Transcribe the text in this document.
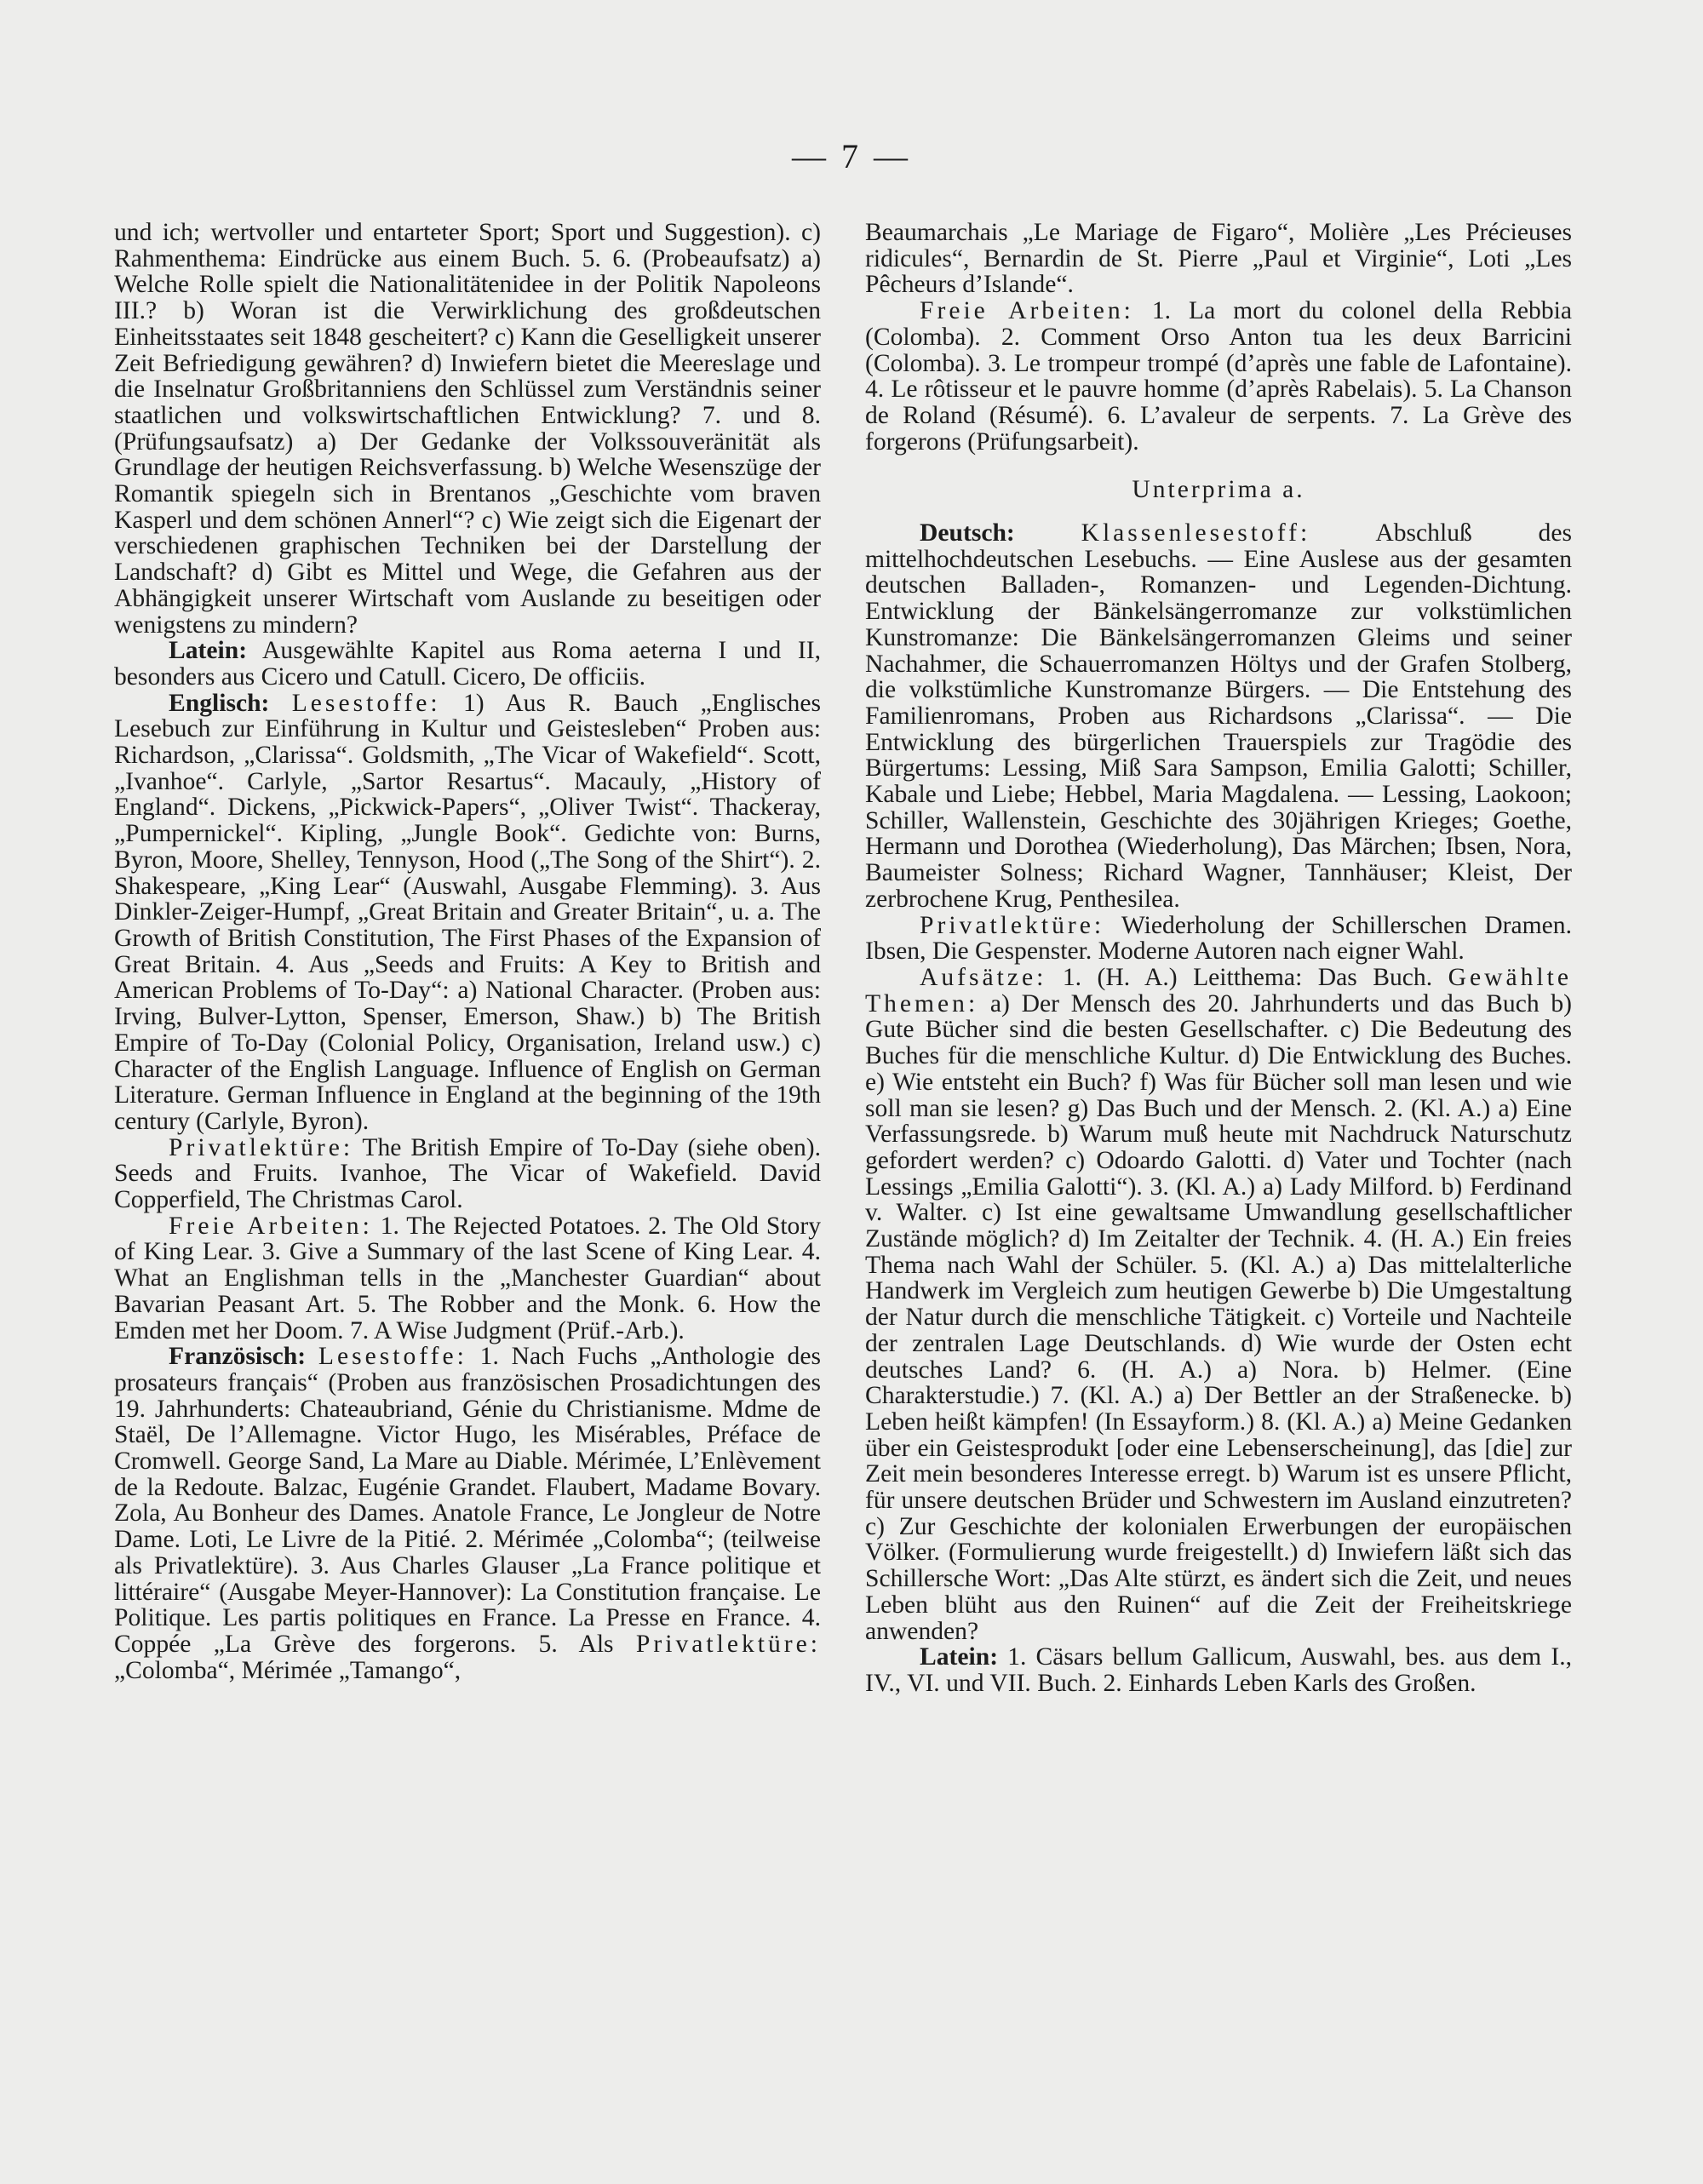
— 7 —

und ich; wertvoller und entarteter Sport; Sport und Suggestion). c) Rahmenthema: Eindrücke aus einem Buch. 5. 6. (Probeaufsatz) a) Welche Rolle spielt die Nationalitätenidee in der Politik Napoleons III.? b) Woran ist die Verwirklichung des großdeutschen Einheitsstaates seit 1848 gescheitert? c) Kann die Geselligkeit unserer Zeit Befriedigung gewähren? d) Inwiefern bietet die Meereslage und die Inselnatur Großbritanniens den Schlüssel zum Verständnis seiner staatlichen und volkswirtschaftlichen Entwicklung? 7. und 8. (Prüfungsaufsatz) a) Der Gedanke der Volkssouveränität als Grundlage der heutigen Reichsverfassung. b) Welche Wesenszüge der Romantik spiegeln sich in Brentanos „Geschichte vom braven Kasperl und dem schönen Annerl“? c) Wie zeigt sich die Eigenart der verschiedenen graphischen Techniken bei der Darstellung der Landschaft? d) Gibt es Mittel und Wege, die Gefahren aus der Abhängigkeit unserer Wirtschaft vom Auslande zu beseitigen oder wenigstens zu mindern?

Latein: Ausgewählte Kapitel aus Roma aeterna I und II, besonders aus Cicero und Catull. Cicero, De officiis.

Englisch: Lesestoffe: 1) Aus R. Bauch „Englisches Lesebuch zur Einführung in Kultur und Geistesleben“ Proben aus: Richardson, „Clarissa“. Goldsmith, „The Vicar of Wakefield“. Scott, „Ivanhoe“. Carlyle, „Sartor Resartus“. Macauly, „History of England“. Dickens, „Pickwick-Papers“, „Oliver Twist“. Thackeray, „Pumpernickel“. Kipling, „Jungle Book“. Gedichte von: Burns, Byron, Moore, Shelley, Tennyson, Hood („The Song of the Shirt“). 2. Shakespeare, „King Lear“ (Auswahl, Ausgabe Flemming). 3. Aus Dinkler-Zeiger-Humpf, „Great Britain and Greater Britain“, u. a. The Growth of British Constitution, The First Phases of the Expansion of Great Britain. 4. Aus „Seeds and Fruits: A Key to British and American Problems of To-Day“: a) National Character. (Proben aus: Irving, Bulver-Lytton, Spenser, Emerson, Shaw.) b) The British Empire of To-Day (Colonial Policy, Organisation, Ireland usw.) c) Character of the English Language. Influence of English on German Literature. German Influence in England at the beginning of the 19th century (Carlyle, Byron).

Privatlektüre: The British Empire of To-Day (siehe oben). Seeds and Fruits. Ivanhoe, The Vicar of Wakefield. David Copperfield, The Christmas Carol.

Freie Arbeiten: 1. The Rejected Potatoes. 2. The Old Story of King Lear. 3. Give a Summary of the last Scene of King Lear. 4. What an Englishman tells in the „Manchester Guardian“ about Bavarian Peasant Art. 5. The Robber and the Monk. 6. How the Emden met her Doom. 7. A Wise Judgment (Prüf.-Arb.).

Französisch: Lesestoffe: 1. Nach Fuchs „Anthologie des prosateurs français“ (Proben aus französischen Prosadichtungen des 19. Jahrhunderts: Chateaubriand, Génie du Christianisme. Mdme de Staël, De l’Allemagne. Victor Hugo, les Misérables, Préface de Cromwell. George Sand, La Mare au Diable. Mérimée, L’Enlèvement de la Redoute. Balzac, Eugénie Grandet. Flaubert, Madame Bovary. Zola, Au Bonheur des Dames. Anatole France, Le Jongleur de Notre Dame. Loti, Le Livre de la Pitié. 2. Mérimée „Colomba“; (teilweise als Privatlektüre). 3. Aus Charles Glauser „La France politique et littéraire“ (Ausgabe Meyer-Hannover): La Constitution française. Le Politique. Les partis politiques en France. La Presse en France. 4. Coppée „La Grève des forgerons. 5. Als Privatlektüre: „Colomba“, Mérimée „Tamango“,

Beaumarchais „Le Mariage de Figaro“, Molière „Les Précieuses ridicules“, Bernardin de St. Pierre „Paul et Virginie“, Loti „Les Pêcheurs d’Islande“.

Freie Arbeiten: 1. La mort du colonel della Rebbia (Colomba). 2. Comment Orso Anton tua les deux Barricini (Colomba). 3. Le trompeur trompé (d’après une fable de Lafontaine). 4. Le rôtisseur et le pauvre homme (d’après Rabelais). 5. La Chanson de Roland (Résumé). 6. L’avaleur de serpents. 7. La Grève des forgerons (Prüfungsarbeit).

Unterprima a.

Deutsch:	Klassenlesestoff: Abschluß des mittelhochdeutschen Lesebuchs. — Eine Auslese aus der gesamten deutschen Balladen-, Romanzen- und Legenden-Dichtung. Entwicklung der Bänkelsängerromanze zur volkstümlichen Kunstromanze: Die Bänkelsängerromanzen Gleims und seiner Nachahmer, die Schauerromanzen Höltys und der Grafen Stolberg, die volkstümliche Kunstromanze Bürgers. — Die Entstehung des Familienromans, Proben aus Richardsons „Clarissa“. — Die Entwicklung des bürgerlichen Trauerspiels zur Tragödie des Bürgertums: Lessing, Miß Sara Sampson, Emilia Galotti; Schiller, Kabale und Liebe; Hebbel, Maria Magdalena. — Lessing, Laokoon; Schiller, Wallenstein, Geschichte des 30jährigen Krieges; Goethe, Hermann und Dorothea (Wiederholung), Das Märchen; Ibsen, Nora, Baumeister Solness; Richard Wagner, Tannhäuser; Kleist, Der zerbrochene Krug, Penthesilea.

Privatlektüre: Wiederholung der Schillerschen Dramen. Ibsen, Die Gespenster. Moderne Autoren nach eigner Wahl.

Aufsätze: 1. (H. A.) Leitthema: Das Buch. Gewählte Themen: a) Der Mensch des 20. Jahrhunderts und das Buch b) Gute Bücher sind die besten Gesellschafter. c) Die Bedeutung des Buches für die menschliche Kultur. d) Die Entwicklung des Buches. e) Wie entsteht ein Buch? f) Was für Bücher soll man lesen und wie soll man sie lesen? g) Das Buch und der Mensch. 2. (Kl. A.) a) Eine Verfassungsrede. b) Warum muß heute mit Nachdruck Naturschutz gefordert werden? c) Odoardo Galotti. d) Vater und Tochter (nach Lessings „Emilia Galotti“). 3. (Kl. A.) a) Lady Milford. b) Ferdinand v. Walter. c) Ist eine gewaltsame Umwandlung gesellschaftlicher Zustände möglich? d) Im Zeitalter der Technik. 4. (H. A.) Ein freies Thema nach Wahl der Schüler. 5. (Kl. A.) a) Das mittelalterliche Handwerk im Vergleich zum heutigen Gewerbe b) Die Umgestaltung der Natur durch die menschliche Tätigkeit. c) Vorteile und Nachteile der zentralen Lage Deutschlands. d) Wie wurde der Osten echt deutsches Land? 6. (H. A.) a) Nora. b) Helmer. (Eine Charakterstudie.) 7. (Kl. A.) a) Der Bettler an der Straßenecke. b) Leben heißt kämpfen! (In Essayform.) 8. (Kl. A.) a) Meine Gedanken über ein Geistesprodukt [oder eine Lebenserscheinung], das [die] zur Zeit mein besonderes Interesse erregt. b) Warum ist es unsere Pflicht, für unsere deutschen Brüder und Schwestern im Ausland einzutreten? c) Zur Geschichte der kolonialen Erwerbungen der europäischen Völker. (Formulierung wurde freigestellt.) d) Inwiefern läßt sich das Schillersche Wort: „Das Alte stürzt, es ändert sich die Zeit, und neues Leben blüht aus den Ruinen“ auf die Zeit der Freiheitskriege anwenden?

Latein: 1. Cäsars bellum Gallicum, Auswahl, bes. aus dem I., IV., VI. und VII. Buch. 2. Einhards Leben Karls des Großen.
